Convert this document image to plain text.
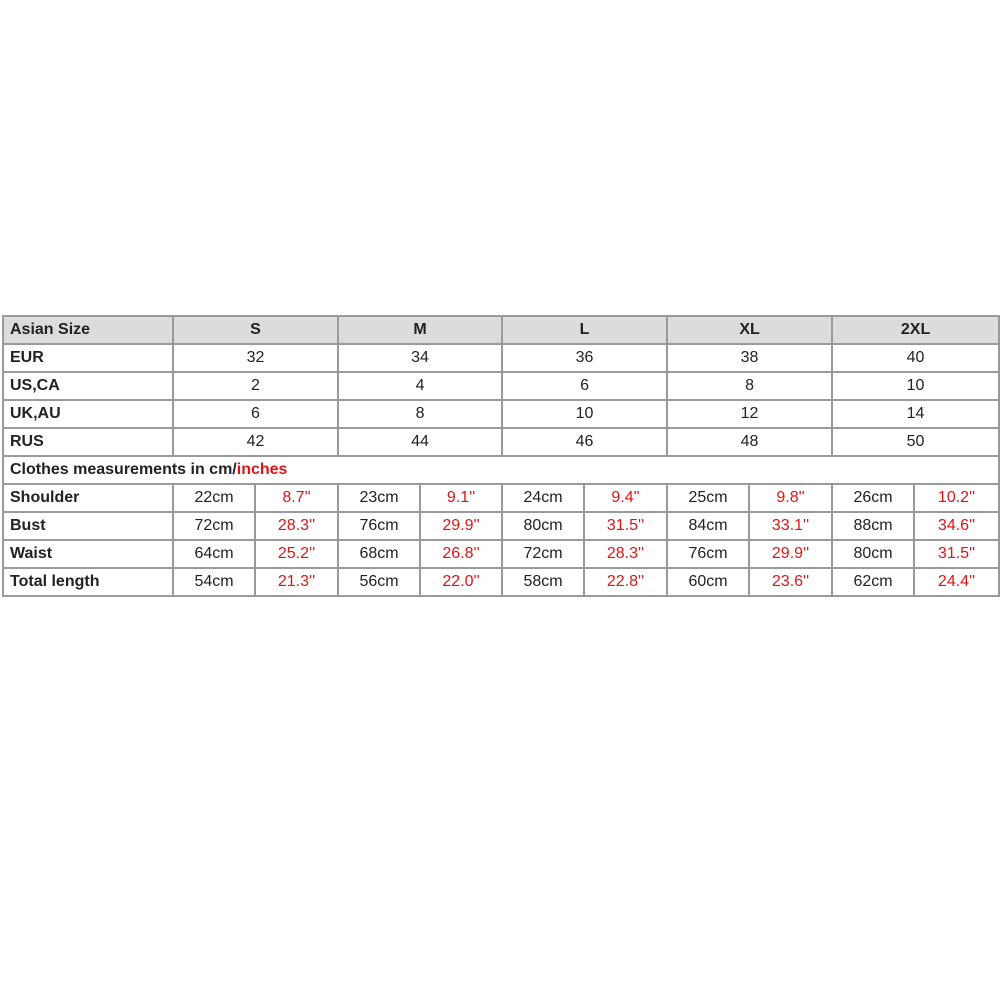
Asian Size	S		M		L		XL		2XL	
EUR	32		34		36		38		40	
US,CA	2		4		6		8		10	
UK,AU	6		8		10		12		14	
RUS	42		44		46		48		50	
Clothes measurements in cm/inches										
Shoulder	22cm	8.7''	23cm	9.1''	24cm	9.4''	25cm	9.8''	26cm	10.2''
Bust	72cm	28.3''	76cm	29.9''	80cm	31.5''	84cm	33.1''	88cm	34.6''
Waist	64cm	25.2''	68cm	26.8''	72cm	28.3''	76cm	29.9''	80cm	31.5''
Total length	54cm	21.3''	56cm	22.0''	58cm	22.8''	60cm	23.6''	62cm	24.4''
